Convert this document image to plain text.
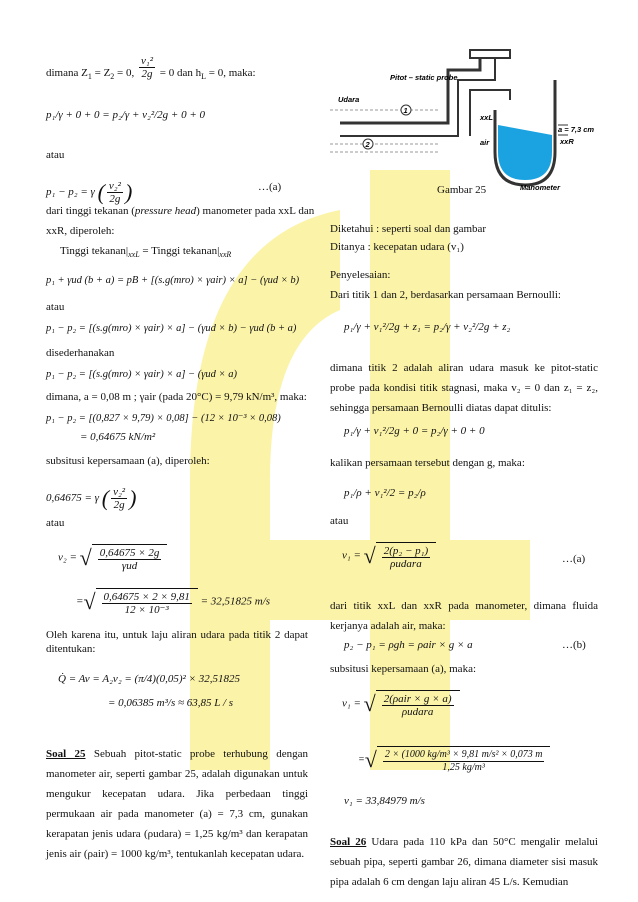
dimana $Z_1 = Z_2 = 0$, $\frac{\text{v₁²}}{2g} = 0$ dan $h_L = 0$, maka:
p₁/γ + 0 + 0 = p₂/γ + v₂²/2g + 0 + 0
atau
p₁ − p₂ = γ ( $\frac{\text{v₂²}}{2g}$ )	…(a)
dari tinggi tekanan (pressure head) manometer pada xxL dan
xxR, diperoleh:
Tinggi $tekanan|_{xxL}$ = Tinggi $tekanan|_{xxR}$
p₁ + γud (b + a) = pB + [(s.g(mro) × γair) × a] − (γud × b)
atau
p₁ − p₂ = [(s.g(mro) × γair) × a] − (γud × b) − γud (b + a)
disederhanakan
p₁ − p₂ = [(s.g(mro) × γair) × a] − (γud × a)
dimana, a = 0,08 m ; γair (pada 20°C) = 9,79 kN/m³, maka:
p₁ − p₂ = [(0,827 × 9,79) × 0,08] − (12 × 10⁻³ × 0,08)
= 0,64675 kN/m²
subsitusi kepersamaan (a), diperoleh:
0,64675 = γ ( $\frac{\text{v₂²}}{2g}$ )
atau
v₂ = √ $\frac{0,64675 \times 2g}{\text{γud}}$
=√ $\frac{0,64675 \times 2 \times 9,81}{\text{12 × 10⁻³}} = 32,51825$ m/s
Oleh karena itu, untuk laju aliran udara pada titik 2 dapat ditentukan:
Q̇ = Av = A₂v₂ = (π/4)(0,05)² × 32,51825
= 0,06385 m³/s ≈ 63,85 L / s
Soal 25 Sebuah pitot-static probe terhubung dengan manometer air, seperti gambar 25, adalah digunakan untuk mengukur kecepatan udara. Jika perbedaan tinggi permukaan air pada manometer (a) = 7,3 cm, gunakan kerapatan jenis udara (ρudara) = 1,25 kg/m³ dan kerapatan jenis air (ρair) = 1000 kg/m³, tentukanlah kecepatan udara.
Udara
Pitot – static probe
1
2
xxL
xxR
air
a = 7,3 cm
Manometer
Gambar 25
Diketahui : seperti soal dan gambar
Ditanya : kecepatan udara (v₁)
Penyelesaian:
Dari titik 1 dan 2, berdasarkan persamaan Bernoulli:
p₁/γ + v₁²/2g + z₁ = p₂/γ + v₂²/2g + z₂
dimana titik 2 adalah aliran udara masuk ke pitot-static probe pada kondisi titik stagnasi, maka v₂ = 0 dan z₁ = z₂, sehingga persamaan Bernoulli diatas dapat ditulis:
p₁/γ + v₁²/2g + 0 = p₂/γ + 0 + 0
kalikan persamaan tersebut dengan g, maka:
p₁/ρ + v₁²/2 = p₂/ρ
atau
v₁ = √ $\frac{\text{2(p₂ − p₁)}}{\text{ρudara}}$	…(a)
dari titik xxL dan xxR pada manometer, dimana fluida kerjanya adalah air, maka:
p₂ − p₁ = ρgh = ρair × g × a	…(b)
subsitusi kepersamaan (a), maka:
v₁ = √ $\frac{\text{2(ρair × g × a)}}{\text{ρudara}}$
=√ $\frac{\text{2 × (1000 kg/m³ × 9,81 m/s² × 0,073 m}}{\text{1,25 kg/m³}}$
v₁ = 33,84979 m/s
Soal 26 Udara pada 110 kPa dan 50°C mengalir melalui sebuah pipa, seperti gambar 26, dimana diameter sisi masuk pipa adalah 6 cm dengan laju aliran 45 L/s. Kemudian
